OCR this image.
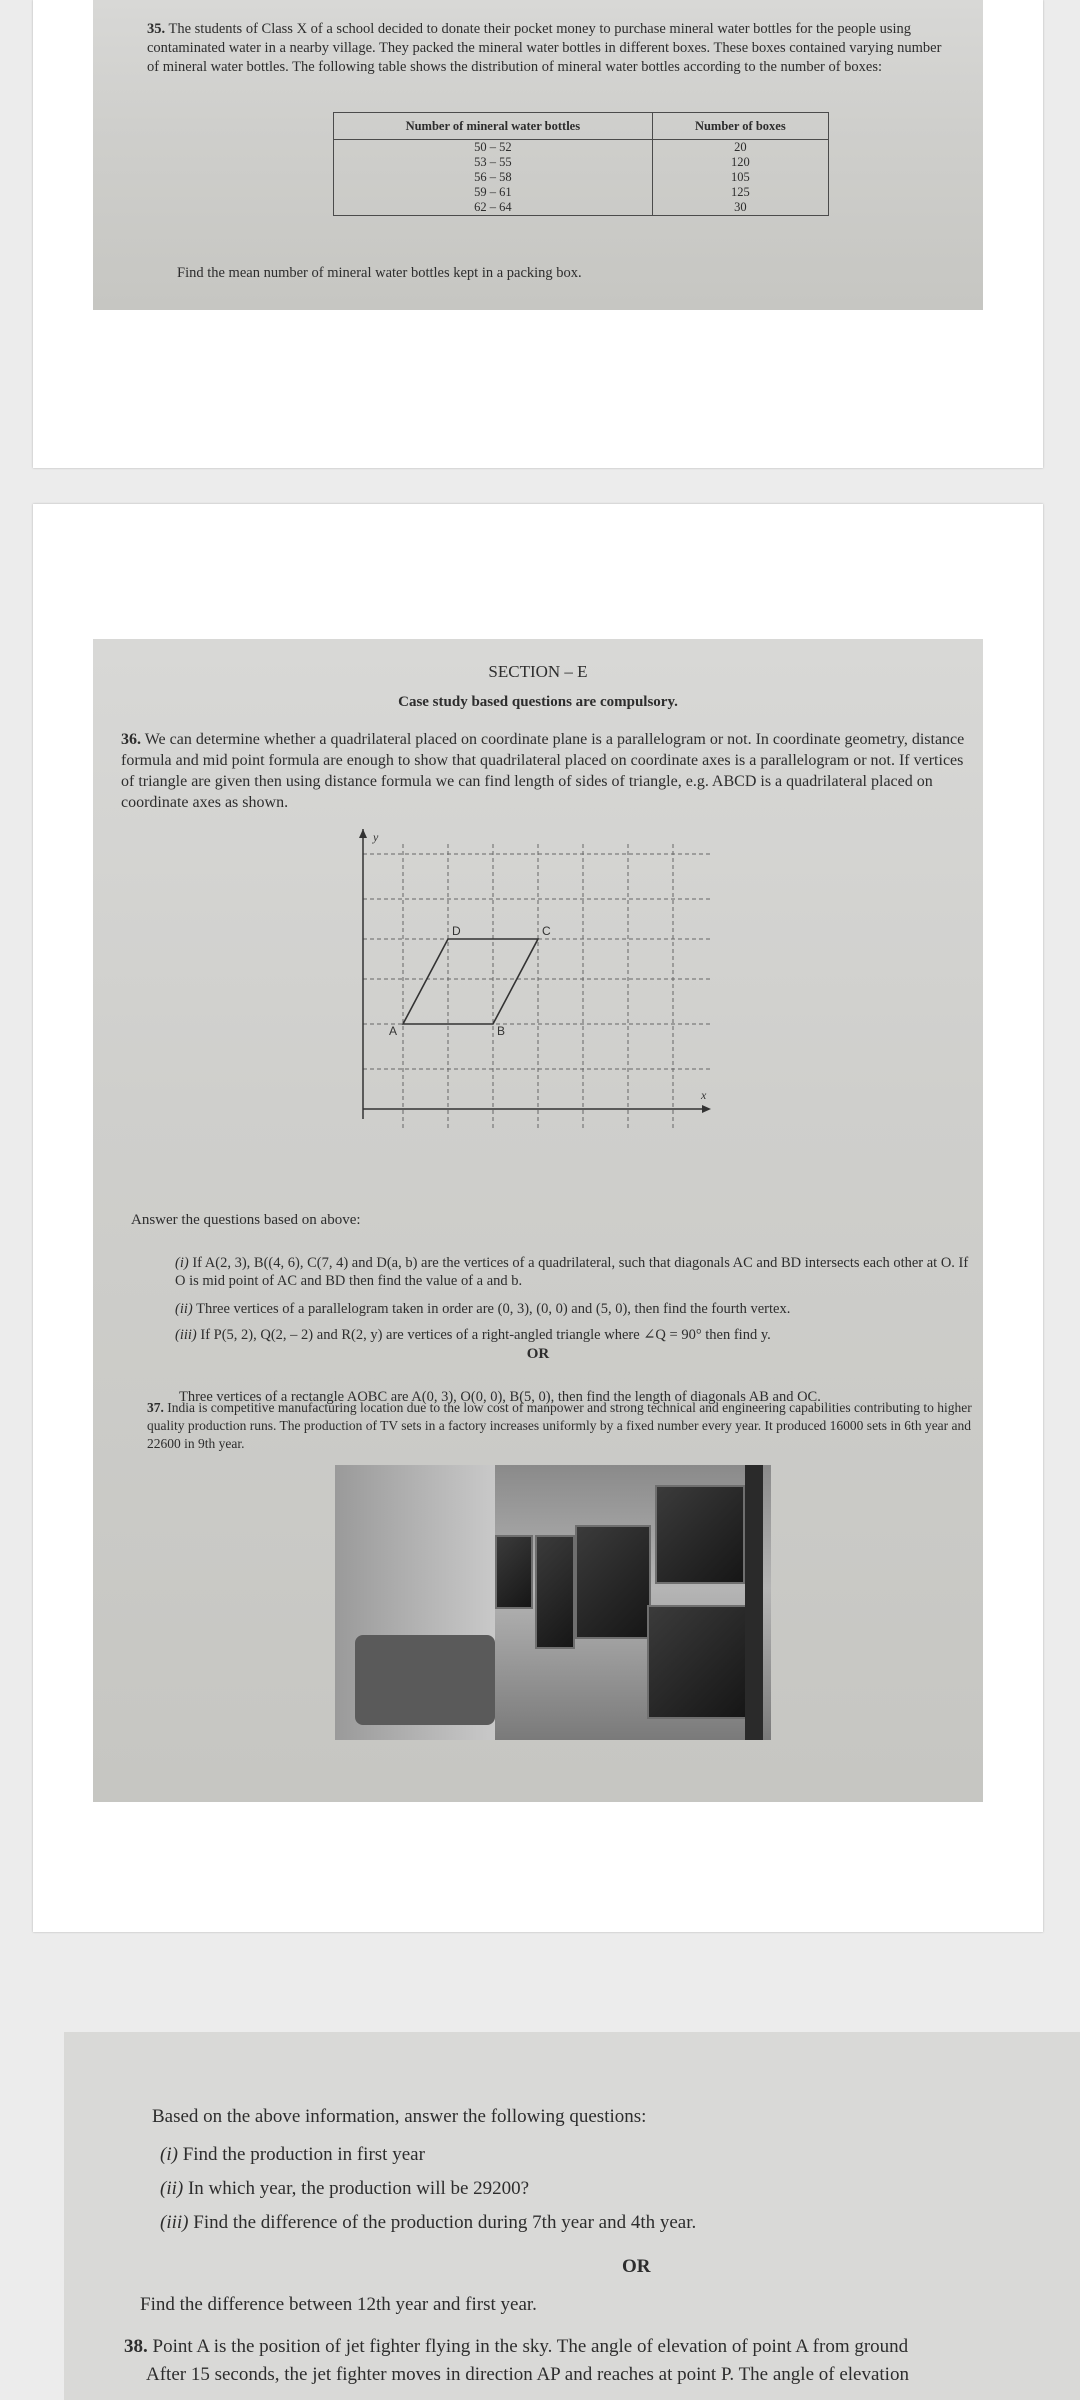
35. The students of Class X of a school decided to donate their pocket money to purchase mineral water bottles for the people using contaminated water in a nearby village. They packed the mineral water bottles in different boxes. These boxes contained varying number of mineral water bottles. The following table shows the distribution of mineral water bottles according to the number of boxes:

Number of mineral water bottles	Number of boxes
50 – 52	20
53 – 55	120
56 – 58	105
59 – 61	125
62 – 64	30

Find the mean number of mineral water bottles kept in a packing box.

SECTION – E

Case study based questions are compulsory.

36. We can determine whether a quadrilateral placed on coordinate plane is a parallelogram or not. In coordinate geometry, distance formula and mid point formula are enough to show that quadrilateral placed on coordinate axes is a parallelogram or not. If vertices of triangle are given then using distance formula we can find length of sides of triangle, e.g. ABCD is a quadrilateral placed on coordinate axes as shown.

y
x
A	B
C
D

Answer the questions based on above:

(i) If A(2, 3), B((4, 6), C(7, 4) and D(a, b) are the vertices of a quadrilateral, such that diagonals AC and BD intersects each other at O. If O is mid point of AC and BD then find the value of a and b.

(ii) Three vertices of a parallelogram taken in order are (0, 3), (0, 0) and (5, 0), then find the fourth vertex.

(iii) If P(5, 2), Q(2, – 2) and R(2, y) are vertices of a right-angled triangle where ∠Q = 90° then find y.

OR

Three vertices of a rectangle AOBC are A(0, 3), O(0, 0), B(5, 0), then find the length of diagonals AB and OC.

37. India is competitive manufacturing location due to the low cost of manpower and strong technical and engineering capabilities contributing to higher quality production runs. The production of TV sets in a factory increases uniformly by a fixed number every year. It produced 16000 sets in 6th year and 22600 in 9th year.

Based on the above information, answer the following questions:

(i) Find the production in first year

(ii) In which year, the production will be 29200?

(iii) Find the difference of the production during 7th year and 4th year.

OR

Find the difference between 12th year and first year.

38. Point A is the position of jet fighter flying in the sky. The angle of elevation of point A from ground

After 15 seconds, the jet fighter moves in direction AP and reaches at point P. The angle of elevation
